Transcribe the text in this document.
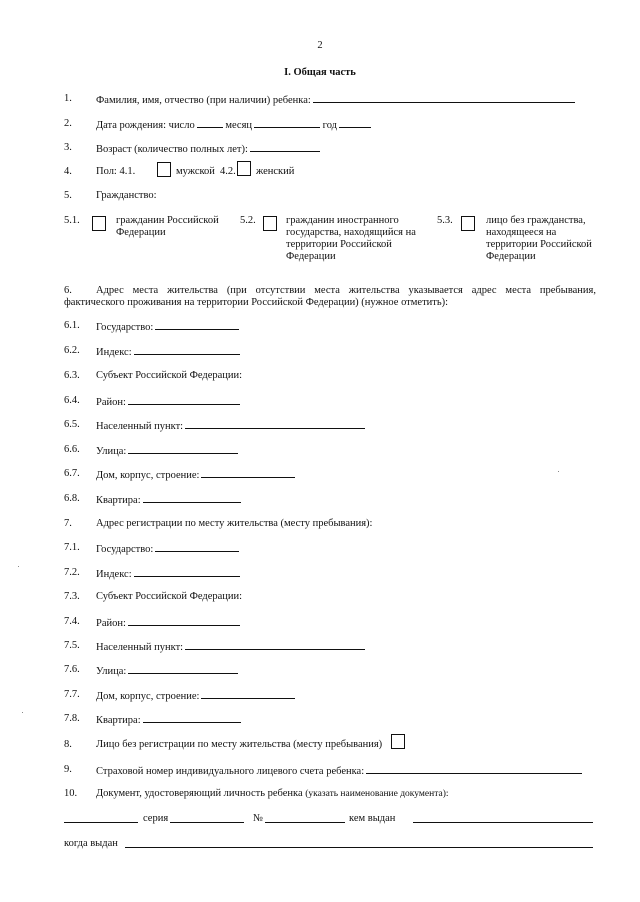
2
I. Общая часть
1. Фамилия, имя, отчество (при наличии) ребенка:
2. Дата рождения: число	месяц	год
3. Возраст (количество полных лет):
4. Пол: 4.1.	мужской 4.2. женский
5. Гражданство:
5.1.	гражданин Российской Федерации
5.2.	гражданин иностранного государства, находящийся на территории Российской Федерации
5.3.	лицо без гражданства, находящееся на территории Российской Федерации
6. Адрес места жительства (при отсутствии места жительства указывается адрес места пребывания, фактического проживания на территории Российской Федерации) (нужное отметить):
6.1. Государство:
6.2. Индекс:
6.3. Субъект Российской Федерации:
6.4. Район:
6.5. Населенный пункт:
6.6. Улица:
6.7. Дом, корпус, строение:
6.8. Квартира:
7. Адрес регистрации по месту жительства (месту пребывания):
7.1. Государство:
7.2. Индекс:
7.3. Субъект Российской Федерации:
7.4. Район:
7.5. Населенный пункт:
7.6. Улица:
7.7. Дом, корпус, строение:
7.8. Квартира:
8. Лицо без регистрации по месту жительства (месту пребывания)
9. Страховой номер индивидуального лицевого счета ребенка:
10. Документ, удостоверяющий личность ребенка (указать наименование документа):
серия	№	кем выдан
когда выдан
